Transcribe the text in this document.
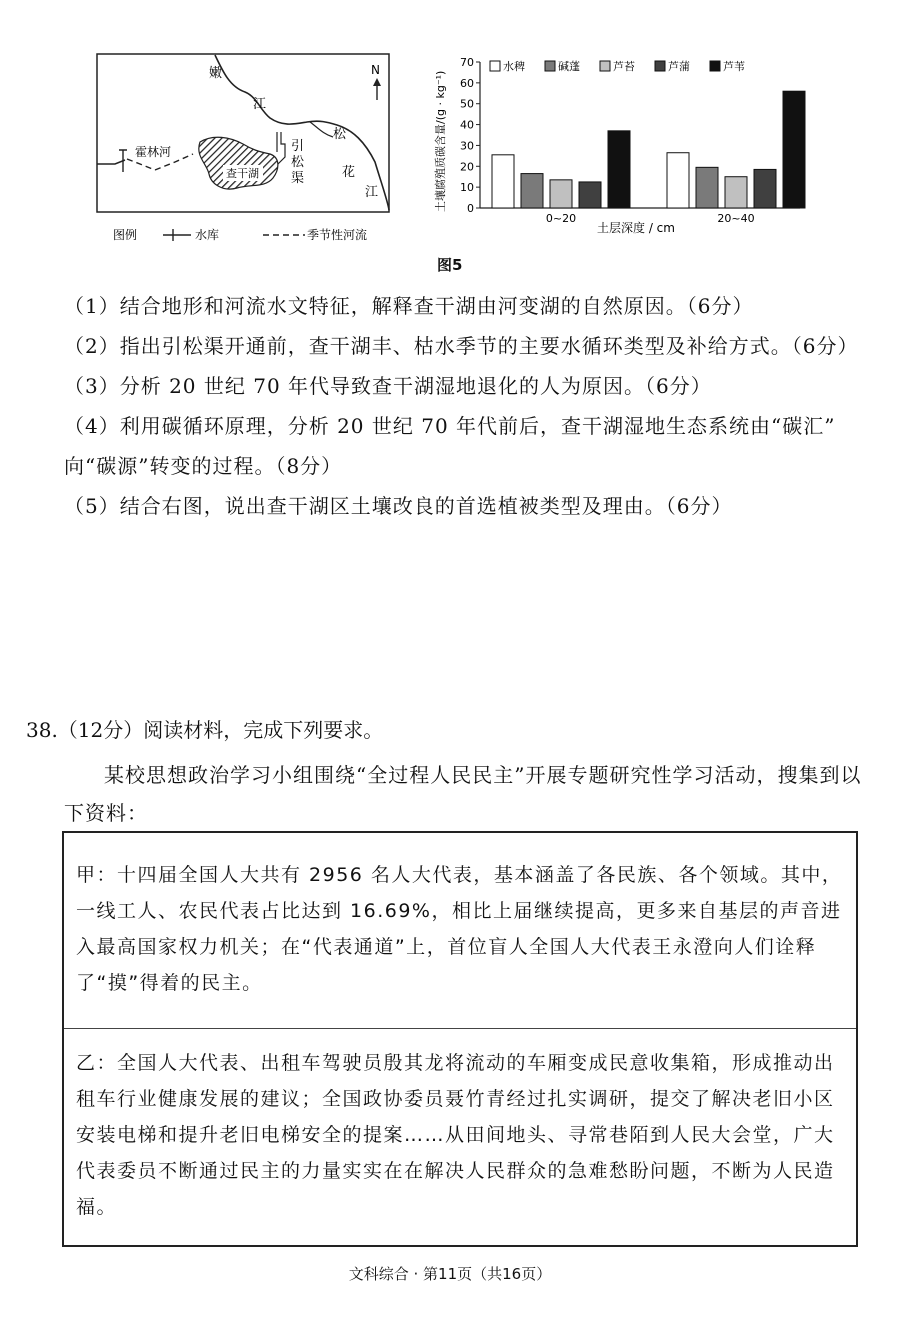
N
嫩
江
松
花
江
引
松
渠
查干湖
霍林河
图例	水库	季节性河流
土壤腐殖质碳含量/(g · kg⁻¹)
土层深度 / cm
0
10
20
30
40
50
60
70
0~20	20~40
水稗	碱蓬	芦苔	芦蒲	芦苇
图5
（1）结合地形和河流水文特征，解释查干湖由河变湖的自然原因。（6分）
（2）指出引松渠开通前，查干湖丰、枯水季节的主要水循环类型及补给方式。（6分）
（3）分析 20 世纪 70 年代导致查干湖湿地退化的人为原因。（6分）
（4）利用碳循环原理，分析 20 世纪 70 年代前后，查干湖湿地生态系统由“碳汇”
向“碳源”转变的过程。（8分）
（5）结合右图，说出查干湖区土壤改良的首选植被类型及理由。（6分）
38.（12分）阅读材料，完成下列要求。
某校思想政治学习小组围绕“全过程人民民主”开展专题研究性学习活动，搜集到以下资料：
甲：十四届全国人大共有 2956 名人大代表，基本涵盖了各民族、各个领域。其中，一线工人、农民代表占比达到 16.69%，相比上届继续提高，更多来自基层的声音进入最高国家权力机关；在“代表通道”上，首位盲人全国人大代表王永澄向人们诠释了“摸”得着的民主。
乙：全国人大代表、出租车驾驶员殷其龙将流动的车厢变成民意收集箱，形成推动出租车行业健康发展的建议；全国政协委员聂竹青经过扎实调研，提交了解决老旧小区安装电梯和提升老旧电梯安全的提案……从田间地头、寻常巷陌到人民大会堂，广大代表委员不断通过民主的力量实实在在解决人民群众的急难愁盼问题，不断为人民造福。
文科综合 · 第11页（共16页）
